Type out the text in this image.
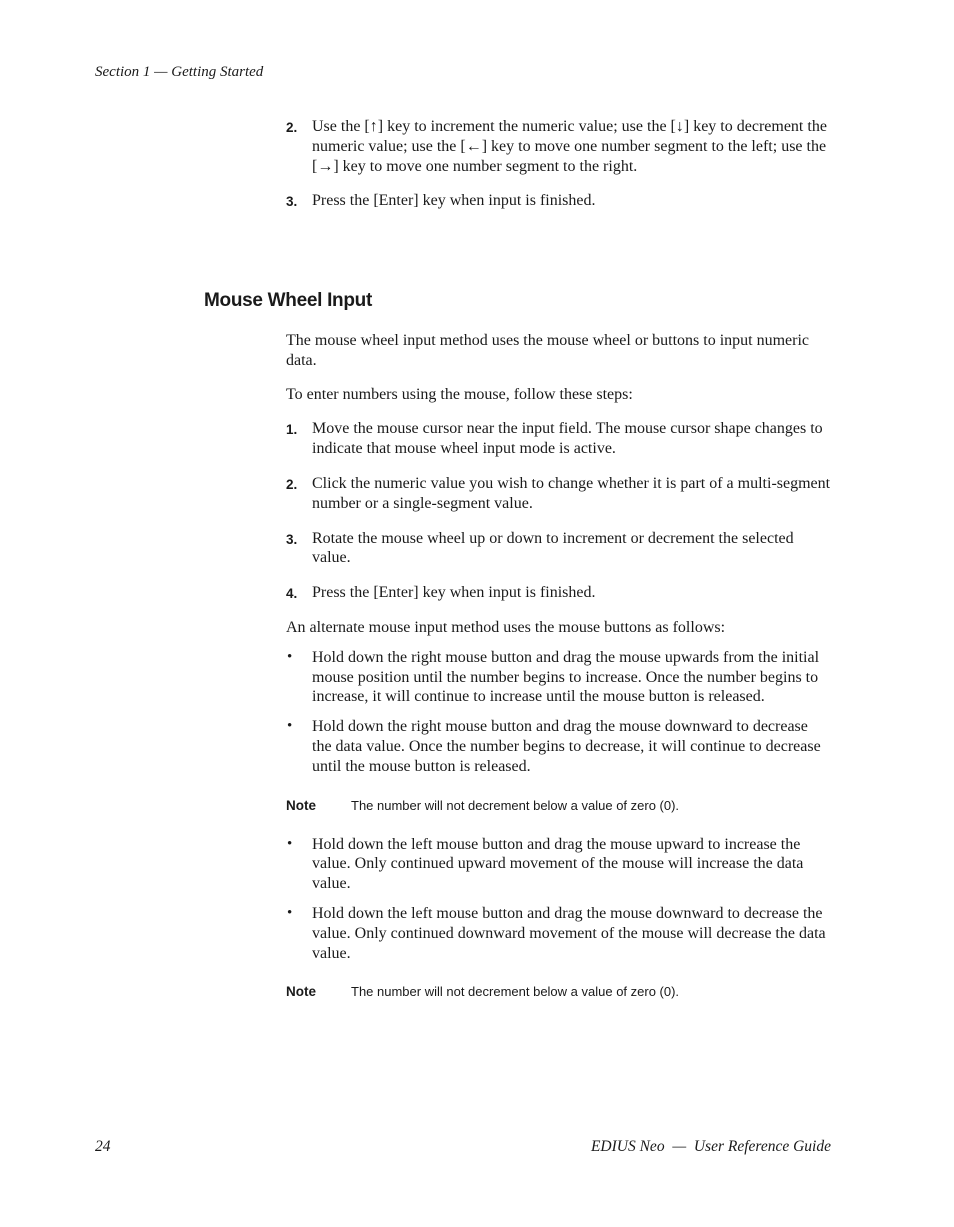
Section 1 — Getting Started
2. Use the [↑] key to increment the numeric value; use the [↓] key to decrement the numeric value; use the [←] key to move one number segment to the left; use the [→] key to move one number segment to the right.
3. Press the [Enter] key when input is finished.
Mouse Wheel Input

The mouse wheel input method uses the mouse wheel or buttons to input numeric data.

To enter numbers using the mouse, follow these steps:

1. Move the mouse cursor near the input field. The mouse cursor shape changes to indicate that mouse wheel input mode is active.
2. Click the numeric value you wish to change whether it is part of a multi-segment number or a single-segment value.
3. Rotate the mouse wheel up or down to increment or decrement the selected value.
4. Press the [Enter] key when input is finished.

An alternate mouse input method uses the mouse buttons as follows:

• Hold down the right mouse button and drag the mouse upwards from the initial mouse position until the number begins to increase. Once the number begins to increase, it will continue to increase until the mouse button is released.
• Hold down the right mouse button and drag the mouse downward to decrease the data value. Once the number begins to decrease, it will continue to decrease until the mouse button is released.
Note	The number will not decrement below a value of zero (0).
• Hold down the left mouse button and drag the mouse upward to increase the value. Only continued upward movement of the mouse will increase the data value.
• Hold down the left mouse button and drag the mouse downward to decrease the value. Only continued downward movement of the mouse will decrease the data value.
Note	The number will not decrement below a value of zero (0).
24	EDIUS Neo  —  User Reference Guide
